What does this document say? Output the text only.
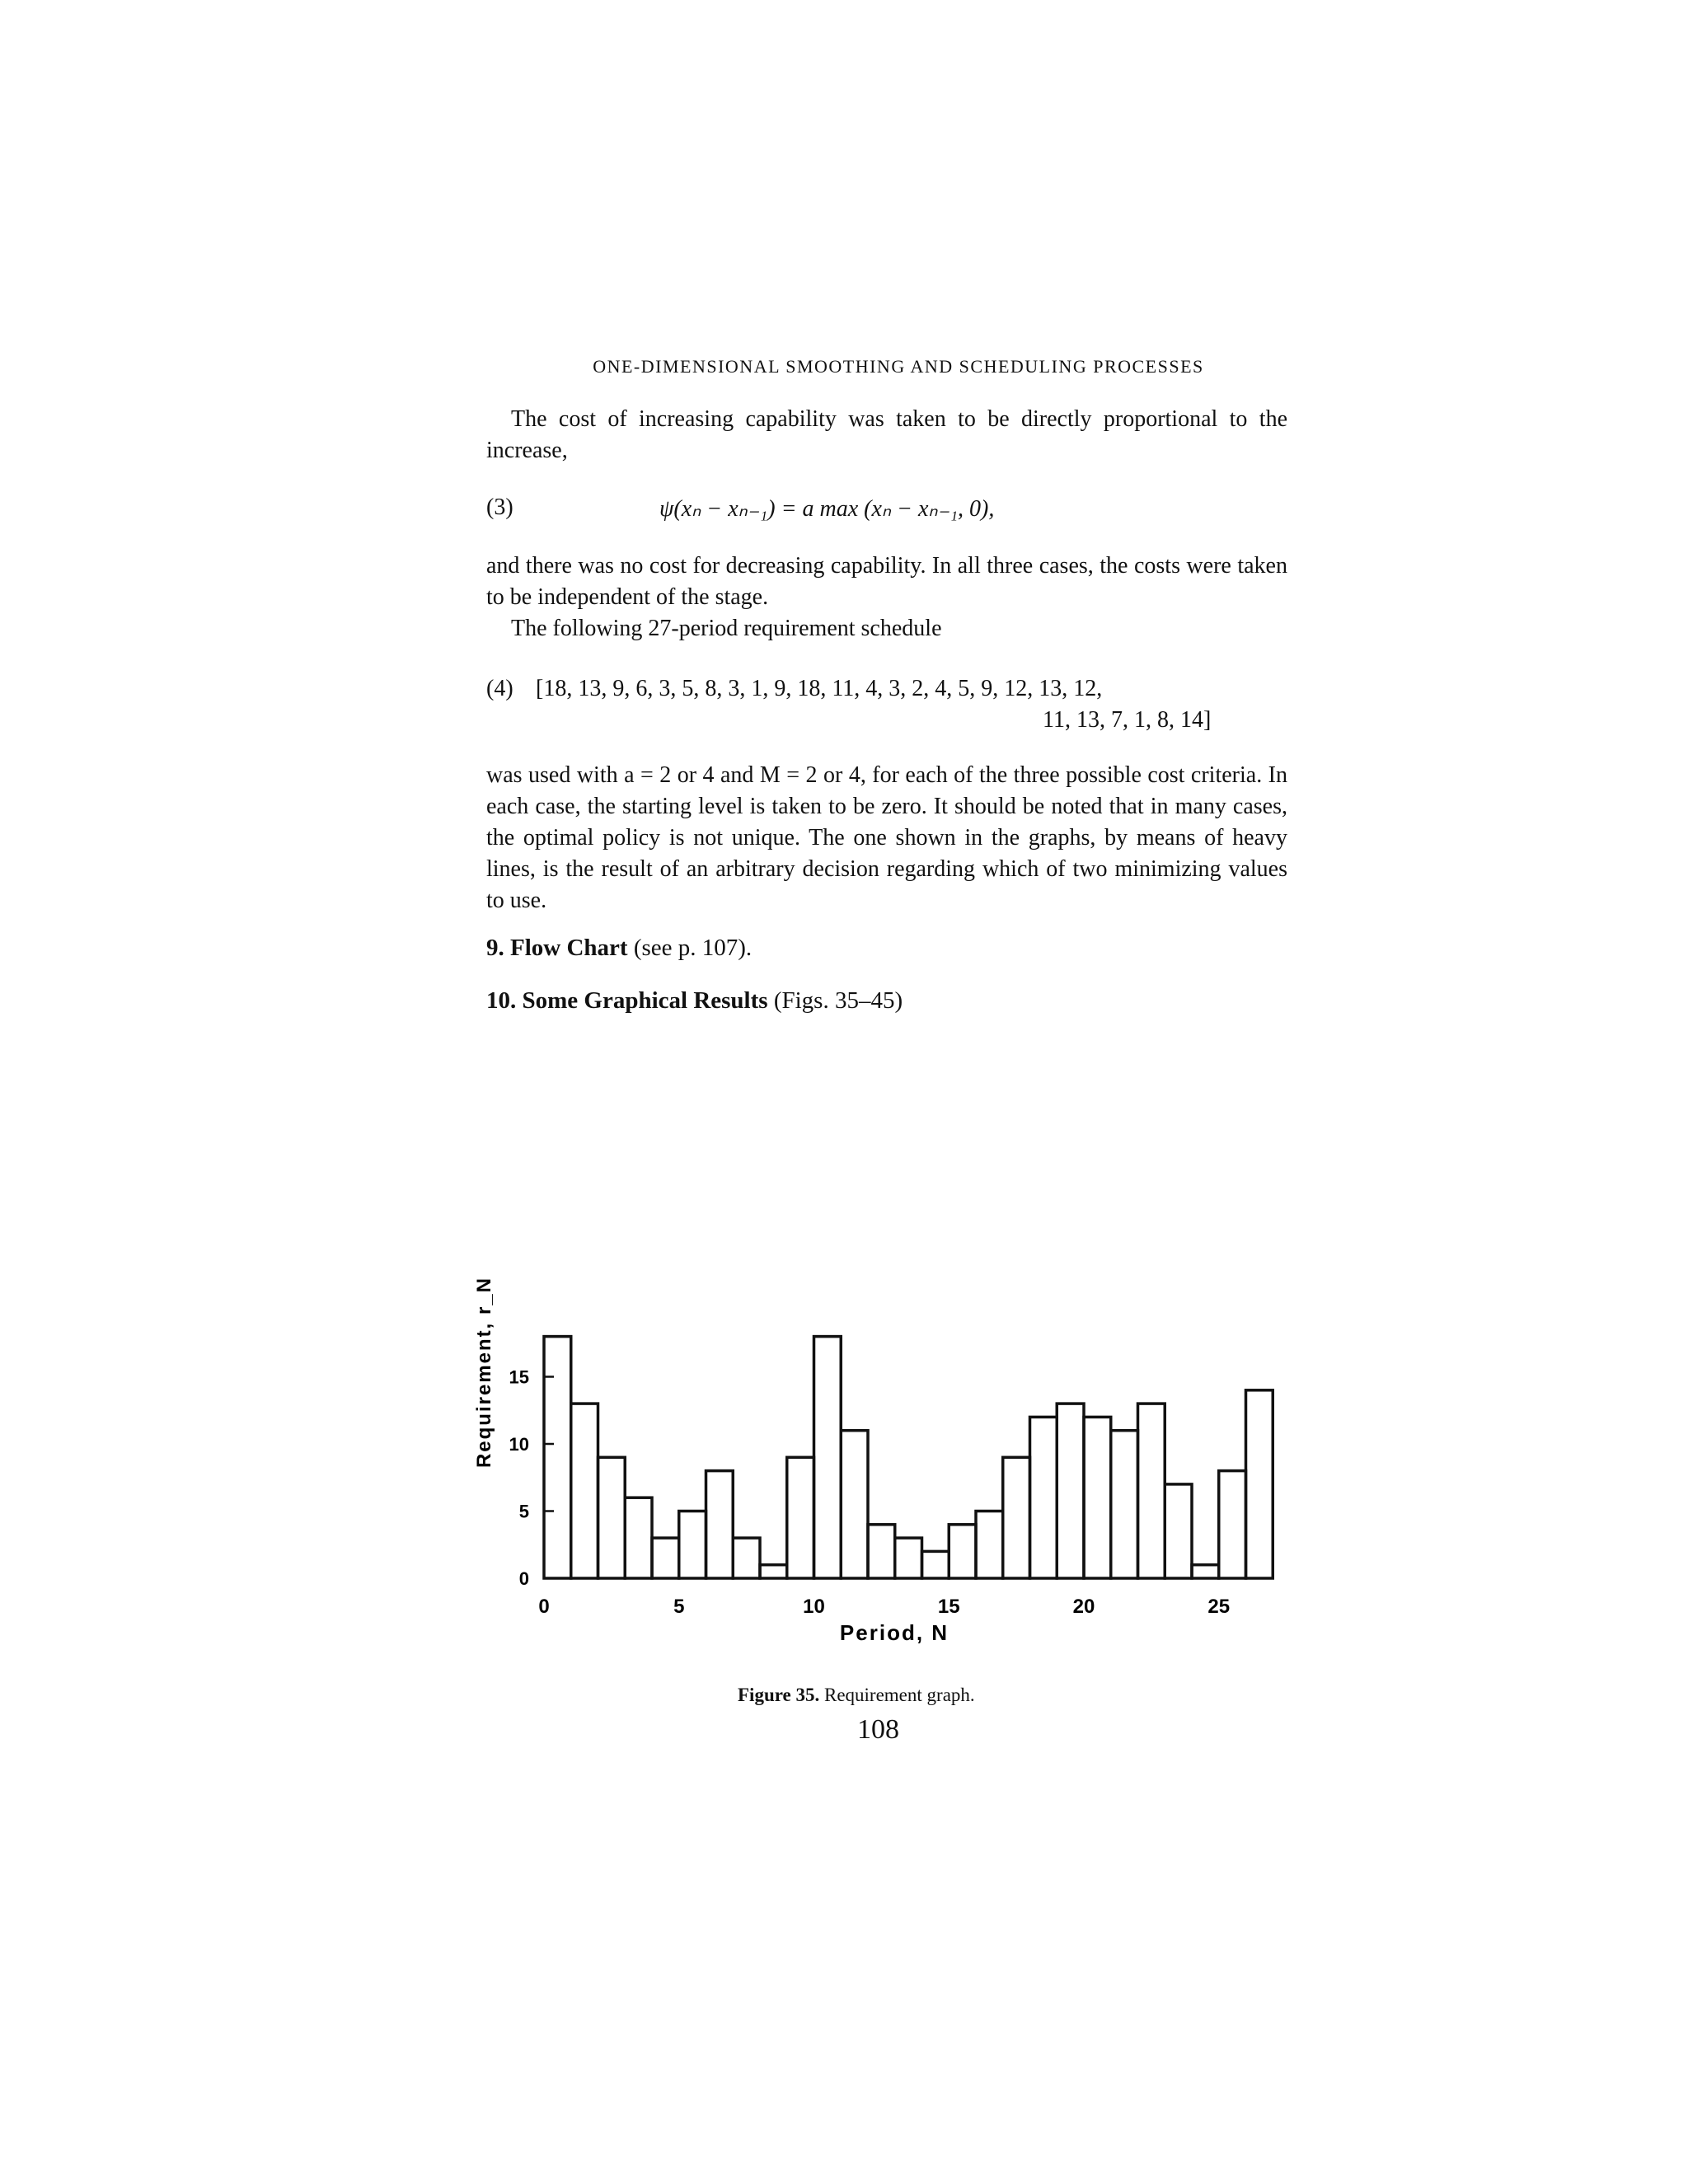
ONE-DIMENSIONAL SMOOTHING AND SCHEDULING PROCESSES
The cost of increasing capability was taken to be directly proportional to the increase,
(3)	ψ(xₙ − xₙ₋₁) = a max (xₙ − xₙ₋₁, 0),
and there was no cost for decreasing capability. In all three cases, the costs were taken to be independent of the stage.
The following 27-period requirement schedule
(4) [18, 13, 9, 6, 3, 5, 8, 3, 1, 9, 18, 11, 4, 3, 2, 4, 5, 9, 12, 13, 12,
11, 13, 7, 1, 8, 14]
was used with a = 2 or 4 and M = 2 or 4, for each of the three possible cost criteria. In each case, the starting level is taken to be zero. It should be noted that in many cases, the optimal policy is not unique. The one shown in the graphs, by means of heavy lines, is the result of an arbitrary decision regarding which of two minimizing values to use.
9. Flow Chart (see p. 107).
10. Some Graphical Results (Figs. 35–45)
0	5	10	15	20	25
0
5
10
15
Period, N
Requirement, r_N
Figure 35. Requirement graph.
108
